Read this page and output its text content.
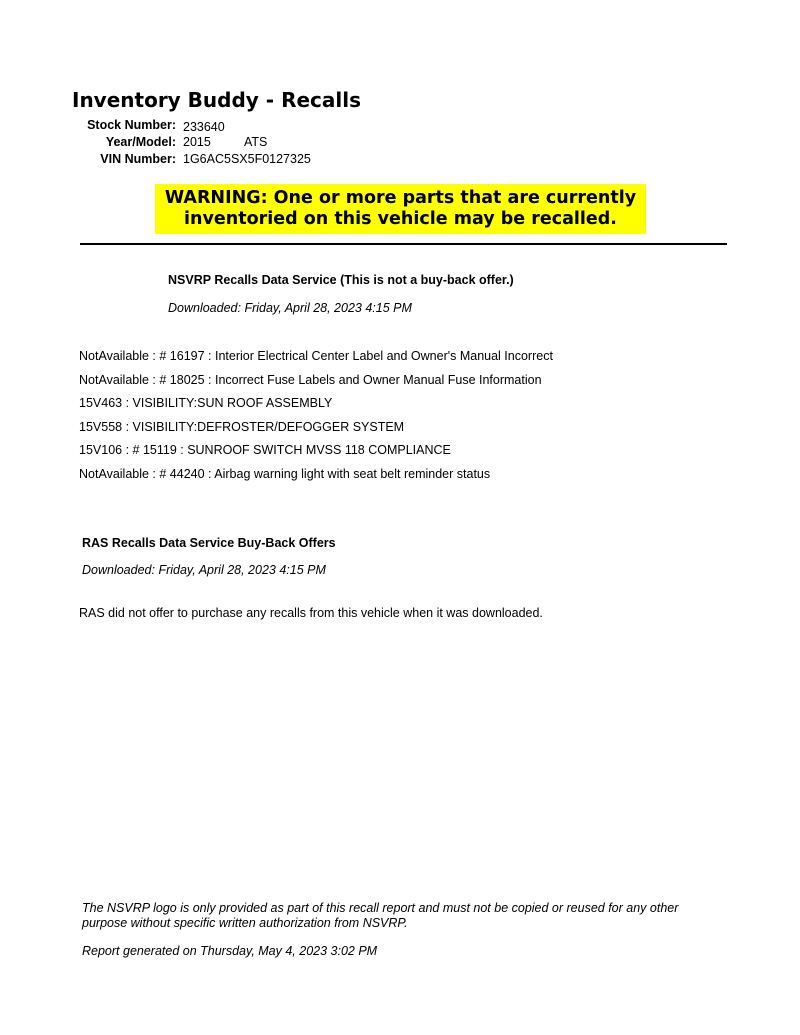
Inventory Buddy - Recalls
Stock Number: 233640
Year/Model: 2015	ATS
VIN Number: 1G6AC5SX5F0127325
WARNING: One or more parts that are currently
inventoried on this vehicle may be recalled.
NSVRP Recalls Data Service (This is not a buy-back offer.)
Downloaded: Friday, April 28, 2023 4:15 PM
NotAvailable : # 16197 : Interior Electrical Center Label and Owner's Manual Incorrect
NotAvailable : # 18025 : Incorrect Fuse Labels and Owner Manual Fuse Information
15V463 : VISIBILITY:SUN ROOF ASSEMBLY
15V558 : VISIBILITY:DEFROSTER/DEFOGGER SYSTEM
15V106 : # 15119 : SUNROOF SWITCH MVSS 118 COMPLIANCE
NotAvailable : # 44240 : Airbag warning light with seat belt reminder status
RAS Recalls Data Service Buy-Back Offers
Downloaded: Friday, April 28, 2023 4:15 PM
RAS did not offer to purchase any recalls from this vehicle when it was downloaded.
The NSVRP logo is only provided as part of this recall report and must not be copied or reused for any other purpose without specific written authorization from NSVRP.
Report generated on Thursday, May 4, 2023 3:02 PM
